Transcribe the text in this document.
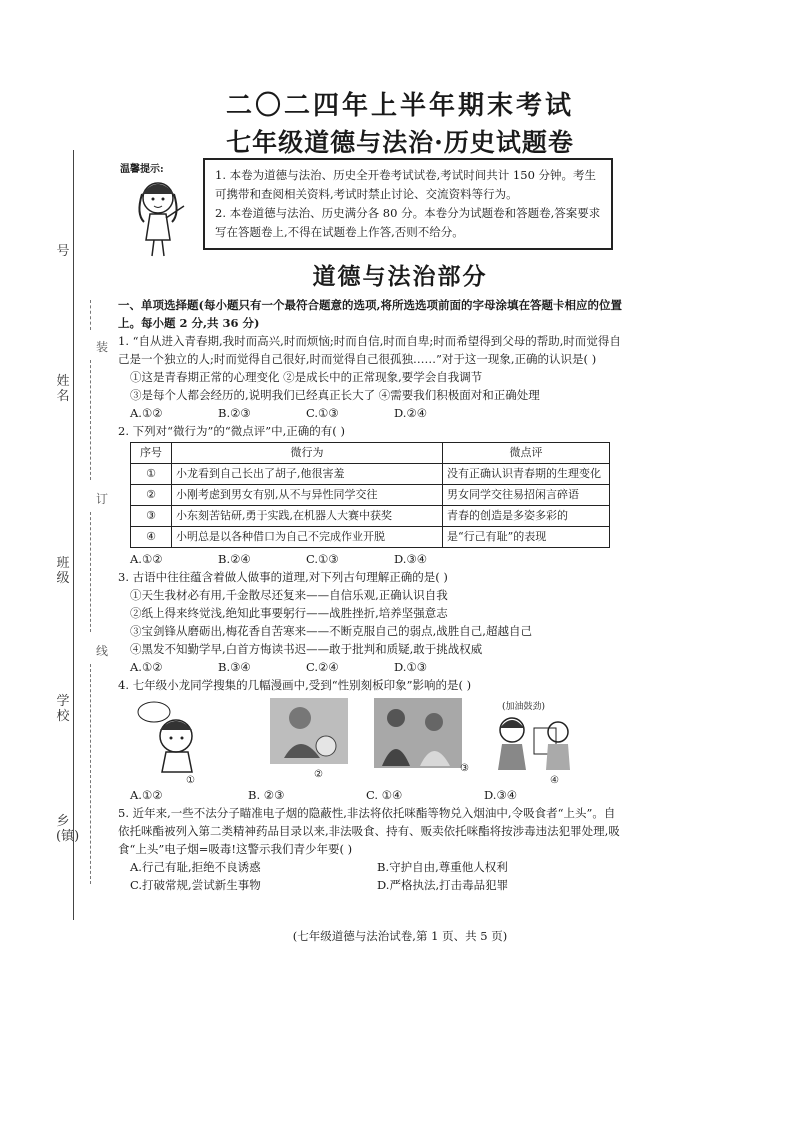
号
姓名
班级
学校
乡(镇)
装
订
线
二〇二四年上半年期末考试
七年级道德与法治·历史试题卷
温馨提示:	1. 本卷为道德与法治、历史全开卷考试试卷,考试时间共计 150 分钟。考生可携带和查阅相关资料,考试时禁止讨论、交流资料等行为。

2. 本卷道德与法治、历史满分各 80 分。本卷分为试题卷和答题卷,答案要求写在答题卷上,不得在试题卷上作答,否则不给分。

道德与法治部分

一、单项选择题(每小题只有一个最符合题意的选项,将所选选项前面的字母涂填在答题卡相应的位置上。每小题 2 分,共 36 分)

1. “自从进入青春期,我时而高兴,时而烦恼;时而自信,时而自卑;时而希望得到父母的帮助,时而觉得自己是一个独立的人;时而觉得自己很好,时而觉得自己很孤独……”对于这一现象,正确的认识是( )

①这是青春期正常的心理变化 ②是成长中的正常现象,要学会自我调节

③是每个人都会经历的,说明我们已经真正长大了 ④需要我们积极面对和正确处理

A.①②	B.②③	C.①③	D.②④

2. 下列对“微行为”的“微点评”中,正确的有( )

序号	微行为	微点评
①	小龙看到自己长出了胡子,他很害羞	没有正确认识青春期的生理变化
②	小刚考虑到男女有别,从不与异性同学交往	男女同学交往易招闲言碎语
③	小东刻苦钻研,勇于实践,在机器人大赛中获奖	青春的创造是多姿多彩的
④	小明总是以各种借口为自己不完成作业开脱	是“行己有耻”的表现
A.①②	B.②④	C.①③	D.③④

3. 古语中往往蕴含着做人做事的道理,对下列古句理解正确的是( )

①天生我材必有用,千金散尽还复来——自信乐观,正确认识自我

②纸上得来终觉浅,绝知此事要躬行——战胜挫折,培养坚强意志

③宝剑锋从磨砺出,梅花香自苦寒来——不断克服自己的弱点,战胜自己,超越自己

④黑发不知勤学早,白首方悔读书迟——敢于批判和质疑,敢于挑战权威

A.①②	B.③④	C.②④	D.①③

4. 七年级小龙同学搜集的几幅漫画中,受到“性别刻板印象”影响的是( )

①
②
③
(加油鼓劲)
④
A.①②	B. ②③	C. ①④	D.③④

5. 近年来,一些不法分子瞄准电子烟的隐蔽性,非法将依托咪酯等物兑入烟油中,令吸食者“上头”。自依托咪酯被列入第二类精神药品目录以来,非法吸食、持有、贩卖依托咪酯将按涉毒违法犯罪处理,吸食“上头”电子烟=吸毒!这警示我们青少年要( )

A.行己有耻,拒绝不良诱惑	B.守护自由,尊重他人权利
C.打破常规,尝试新生事物	D.严格执法,打击毒品犯罪
(七年级道德与法治试卷,第 1 页、共 5 页)
